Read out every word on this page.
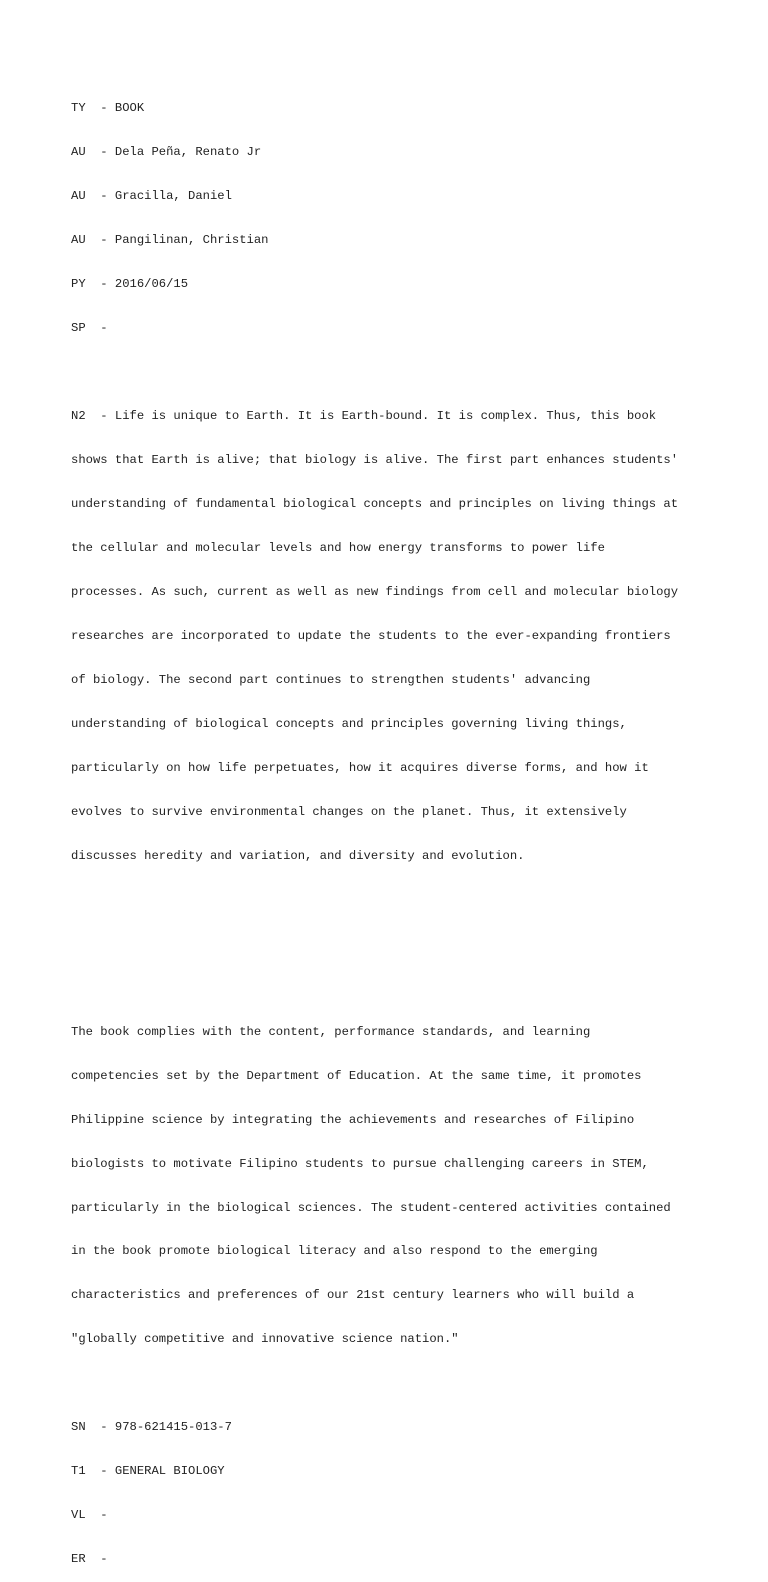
TY  - BOOK

AU  - Dela Peña, Renato Jr

AU  - Gracilla, Daniel

AU  - Pangilinan, Christian

PY  - 2016/06/15

SP  -

N2  - Life is unique to Earth. It is Earth-bound. It is complex. Thus, this book

shows that Earth is alive; that biology is alive. The first part enhances students'

understanding of fundamental biological concepts and principles on living things at

the cellular and molecular levels and how energy transforms to power life

processes. As such, current as well as new findings from cell and molecular biology

researches are incorporated to update the students to the ever-expanding frontiers

of biology. The second part continues to strengthen students' advancing

understanding of biological concepts and principles governing living things,

particularly on how life perpetuates, how it acquires diverse forms, and how it

evolves to survive environmental changes on the planet. Thus, it extensively

discusses heredity and variation, and diversity and evolution.

The book complies with the content, performance standards, and learning

competencies set by the Department of Education. At the same time, it promotes

Philippine science by integrating the achievements and researches of Filipino

biologists to motivate Filipino students to pursue challenging careers in STEM,

particularly in the biological sciences. The student-centered activities contained

in the book promote biological literacy and also respond to the emerging

characteristics and preferences of our 21st century learners who will build a

"globally competitive and innovative science nation."

SN  - 978-621415-013-7

T1  - GENERAL BIOLOGY

VL  -

ER  -
